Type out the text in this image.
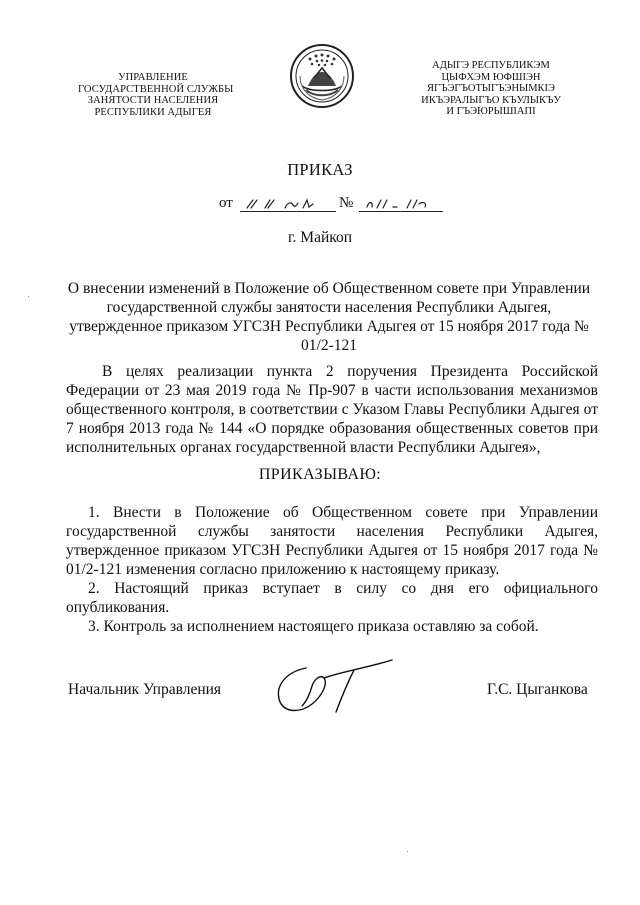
УПРАВЛЕНИЕ
ГОСУДАРСТВЕННОЙ СЛУЖБЫ
ЗАНЯТОСТИ НАСЕЛЕНИЯ
РЕСПУБЛИКИ АДЫГЕЯ
АДЫГЭ РЕСПУБЛИКЭМ
ЦЫФХЭМ ЮФШІЭН
ЯГЪЭГЪОТЫГЪЭНЫМКІЭ
ИКЪЭРАЛЫГЪО КЪУЛЫКЪУ
И ГЪЭЮРЫШІАПІ
ПРИКАЗ
от	№
г. Майкоп
О внесении изменений в Положение об Общественном совете при Управлении государственной службы занятости населения Республики Адыгея, утвержденное приказом УГСЗН Республики Адыгея от 15 ноября 2017 года № 01/2-121
В целях реализации пункта 2 поручения Президента Российской Федерации от 23 мая 2019 года № Пр-907 в части использования механизмов общественного контроля, в соответствии с Указом Главы Республики Адыгея от 7 ноября 2013 года № 144 «О порядке образования общественных советов при исполнительных органах государственной власти Республики Адыгея»,
ПРИКАЗЫВАЮ:

1. Внести в Положение об Общественном совете при Управлении государственной службы занятости населения Республики Адыгея, утвержденное приказом УГСЗН Республики Адыгея от 15 ноября 2017 года № 01/2-121 изменения согласно приложению к настоящему приказу.

2. Настоящий приказ вступает в силу со дня его официального опубликования.

3. Контроль за исполнением настоящего приказа оставляю за собой.

Начальник Управления	Г.С. Цыганкова
